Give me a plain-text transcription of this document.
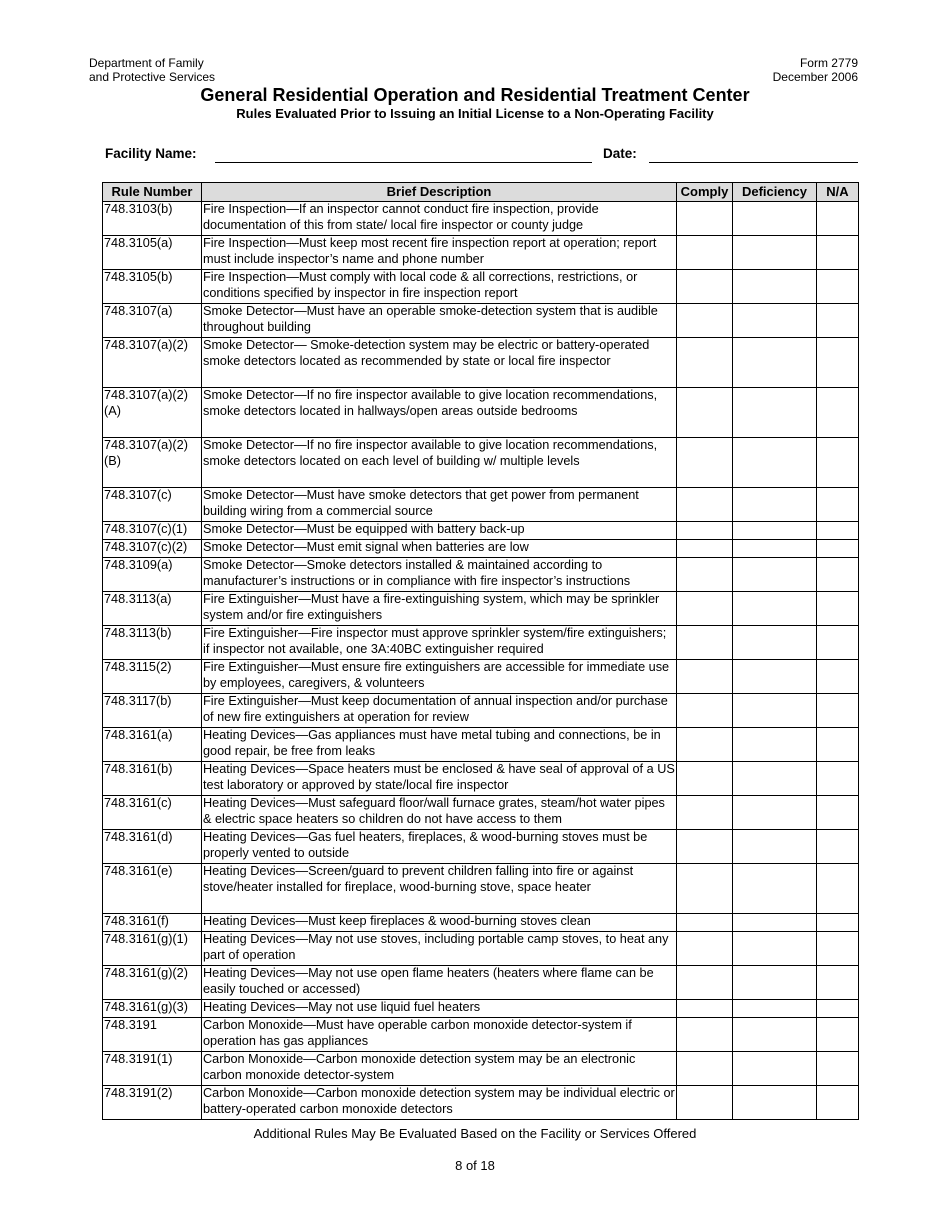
Department of Family
and Protective Services
Form 2779
December 2006
General Residential Operation and Residential Treatment Center
Rules Evaluated Prior to Issuing an Initial License to a Non-Operating Facility
Facility Name:	Date:
Rule Number	Brief Description	Comply	Deficiency	N/A
748.3103(b)	Fire Inspection—If an inspector cannot conduct fire inspection, provide documentation of this from state/ local fire inspector or county judge			
748.3105(a)	Fire Inspection—Must keep most recent fire inspection report at operation; report must include inspector’s name and phone number			
748.3105(b)	Fire Inspection—Must comply with local code & all corrections, restrictions, or conditions specified by inspector in fire inspection report			
748.3107(a)	Smoke Detector—Must have an operable smoke-detection system that is audible throughout building			
748.3107(a)(2)	Smoke Detector— Smoke-detection system may be electric or battery-operated smoke detectors located as recommended by state or local fire inspector			
748.3107(a)(2)(A)	Smoke Detector—If no fire inspector available to give location recommendations, smoke detectors located in hallways/open areas outside bedrooms			
748.3107(a)(2)(B)	Smoke Detector—If no fire inspector available to give location recommendations, smoke detectors located on each level of building w/ multiple levels			
748.3107(c)	Smoke Detector—Must have smoke detectors that get power from permanent building wiring from a commercial source			
748.3107(c)(1)	Smoke Detector—Must be equipped with battery back-up			
748.3107(c)(2)	Smoke Detector—Must emit signal when batteries are low			
748.3109(a)	Smoke Detector—Smoke detectors installed & maintained according to manufacturer’s instructions or in compliance with fire inspector’s instructions			
748.3113(a)	Fire Extinguisher—Must have a fire-extinguishing system, which may be sprinkler system and/or fire extinguishers			
748.3113(b)	Fire Extinguisher—Fire inspector must approve sprinkler system/fire extinguishers; if inspector not available, one 3A:40BC extinguisher required			
748.3115(2)	Fire Extinguisher—Must ensure fire extinguishers are accessible for immediate use by employees, caregivers, & volunteers			
748.3117(b)	Fire Extinguisher—Must keep documentation of annual inspection and/or purchase of new fire extinguishers at operation for review			
748.3161(a)	Heating Devices—Gas appliances must have metal tubing and connections, be in good repair, be free from leaks			
748.3161(b)	Heating Devices—Space heaters must be enclosed & have seal of approval of a US test laboratory or approved by state/local fire inspector			
748.3161(c)	Heating Devices—Must safeguard floor/wall furnace grates, steam/hot water pipes & electric space heaters so children do not have access to them			
748.3161(d)	Heating Devices—Gas fuel heaters, fireplaces, & wood-burning stoves must be properly vented to outside			
748.3161(e)	Heating Devices—Screen/guard to prevent children falling into fire or against stove/heater installed for fireplace, wood-burning stove, space heater			
748.3161(f)	Heating Devices—Must keep fireplaces & wood-burning stoves clean			
748.3161(g)(1)	Heating Devices—May not use stoves, including portable camp stoves, to heat any part of operation			
748.3161(g)(2)	Heating Devices—May not use open flame heaters (heaters where flame can be easily touched or accessed)			
748.3161(g)(3)	Heating Devices—May not use liquid fuel heaters			
748.3191	Carbon Monoxide—Must have operable carbon monoxide detector-system if operation has gas appliances			
748.3191(1)	Carbon Monoxide—Carbon monoxide detection system may be an electronic carbon monoxide detector-system			
748.3191(2)	Carbon Monoxide—Carbon monoxide detection system may be individual electric or battery-operated carbon monoxide detectors			
Additional Rules May Be Evaluated Based on the Facility or Services Offered
8 of 18
